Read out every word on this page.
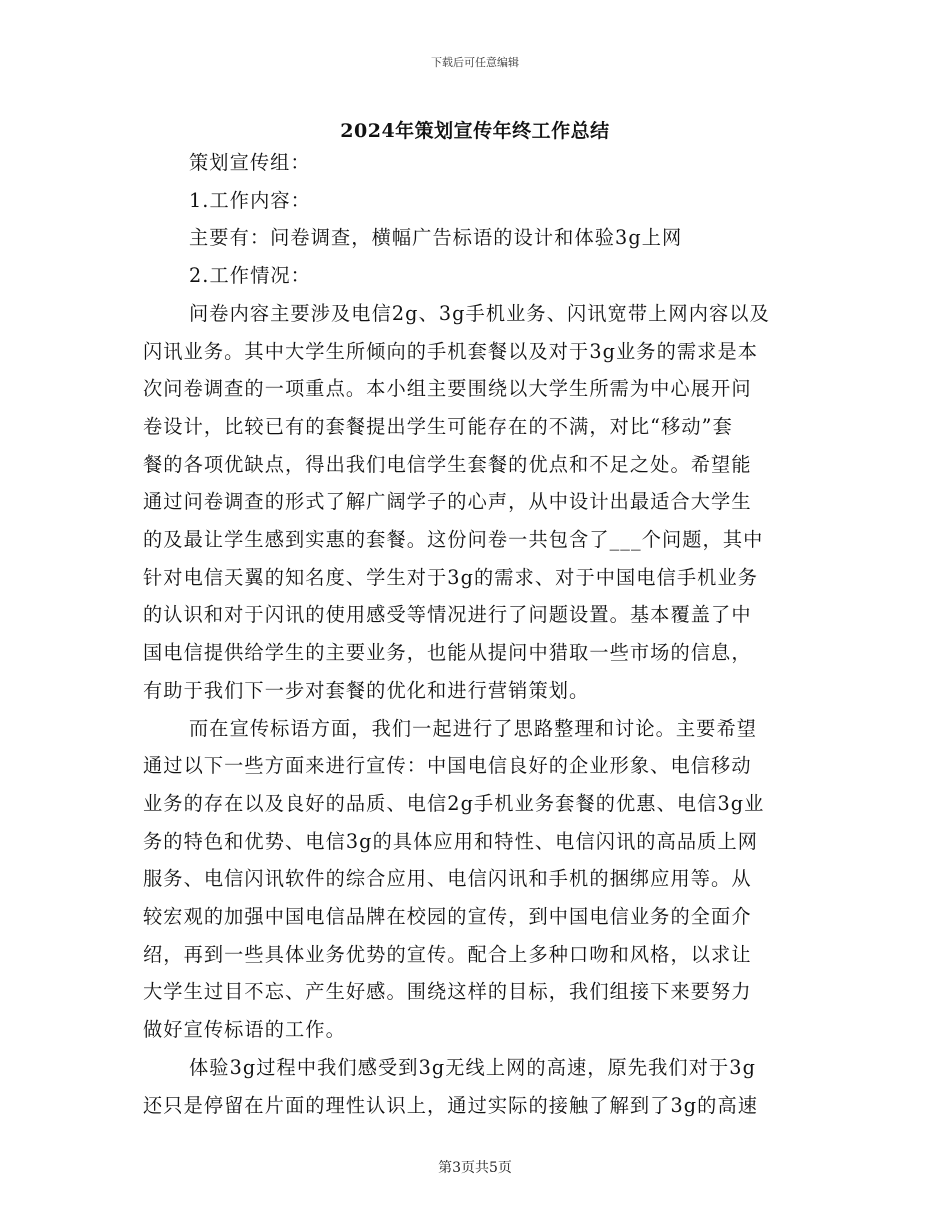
下载后可任意编辑
2024年策划宣传年终工作总结
策划宣传组：
1.工作内容：
主要有：问卷调查，横幅广告标语的设计和体验3g上网
2.工作情况：
问卷内容主要涉及电信2g、3g手机业务、闪讯宽带上网内容以及
闪讯业务。其中大学生所倾向的手机套餐以及对于3g业务的需求是本
次问卷调查的一项重点。本小组主要围绕以大学生所需为中心展开问
卷设计，比较已有的套餐提出学生可能存在的不满，对比“移动”套
餐的各项优缺点，得出我们电信学生套餐的优点和不足之处。希望能
通过问卷调查的形式了解广阔学子的心声，从中设计出最适合大学生
的及最让学生感到实惠的套餐。这份问卷一共包含了___个问题，其中
针对电信天翼的知名度、学生对于3g的需求、对于中国电信手机业务
的认识和对于闪讯的使用感受等情况进行了问题设置。基本覆盖了中
国电信提供给学生的主要业务，也能从提问中猎取一些市场的信息，
有助于我们下一步对套餐的优化和进行营销策划。
而在宣传标语方面，我们一起进行了思路整理和讨论。主要希望
通过以下一些方面来进行宣传：中国电信良好的企业形象、电信移动
业务的存在以及良好的品质、电信2g手机业务套餐的优惠、电信3g业
务的特色和优势、电信3g的具体应用和特性、电信闪讯的高品质上网
服务、电信闪讯软件的综合应用、电信闪讯和手机的捆绑应用等。从
较宏观的加强中国电信品牌在校园的宣传，到中国电信业务的全面介
绍，再到一些具体业务优势的宣传。配合上多种口吻和风格，以求让
大学生过目不忘、产生好感。围绕这样的目标，我们组接下来要努力
做好宣传标语的工作。
体验3g过程中我们感受到3g无线上网的高速，原先我们对于3g
还只是停留在片面的理性认识上，通过实际的接触了解到了3g的高速
第3页共5页
